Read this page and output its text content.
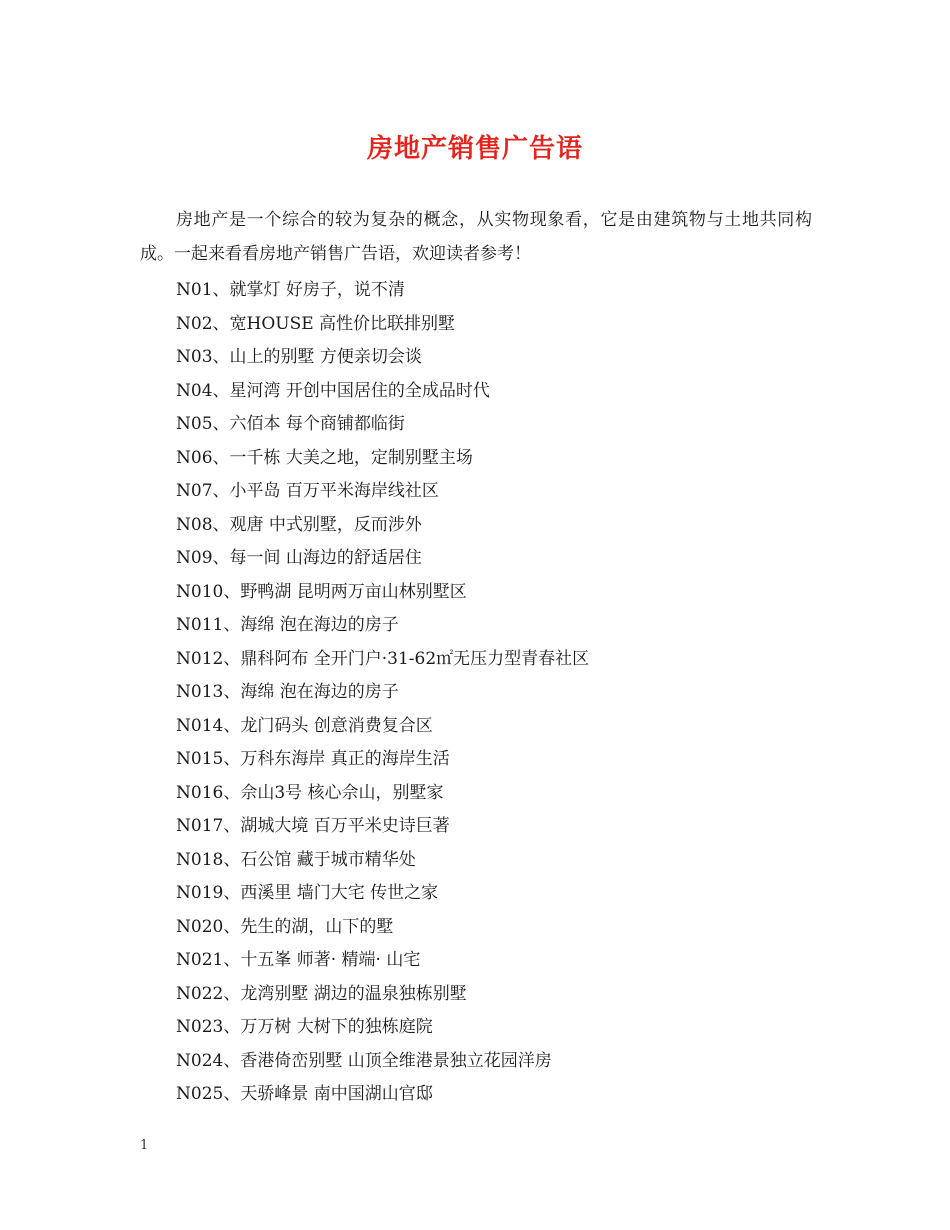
房地产销售广告语

房地产是一个综合的较为复杂的概念，从实物现象看，它是由建筑物与土地共同构成。一起来看看房地产销售广告语，欢迎读者参考！

N01、就掌灯 好房子，说不清
N02、宽HOUSE 高性价比联排别墅
N03、山上的别墅 方便亲切会谈
N04、星河湾 开创中国居住的全成品时代
N05、六佰本 每个商铺都临街
N06、一千栋 大美之地，定制别墅主场
N07、小平岛 百万平米海岸线社区
N08、观唐 中式别墅，反而涉外
N09、每一间 山海边的舒适居住
N010、野鸭湖 昆明两万亩山林别墅区
N011、海绵 泡在海边的房子
N012、鼎科阿布 全开门户·31-62㎡无压力型青春社区
N013、海绵 泡在海边的房子
N014、龙门码头 创意消费复合区
N015、万科东海岸 真正的海岸生活
N016、佘山3号 核心佘山，别墅家
N017、湖城大境 百万平米史诗巨著
N018、石公馆 藏于城市精华处
N019、西溪里 墙门大宅 传世之家
N020、先生的湖，山下的墅
N021、十五峯 师著· 精端· 山宅
N022、龙湾别墅 湖边的温泉独栋别墅
N023、万万树 大树下的独栋庭院
N024、香港倚峦别墅 山顶全维港景独立花园洋房
N025、天骄峰景 南中国湖山官邸
1
